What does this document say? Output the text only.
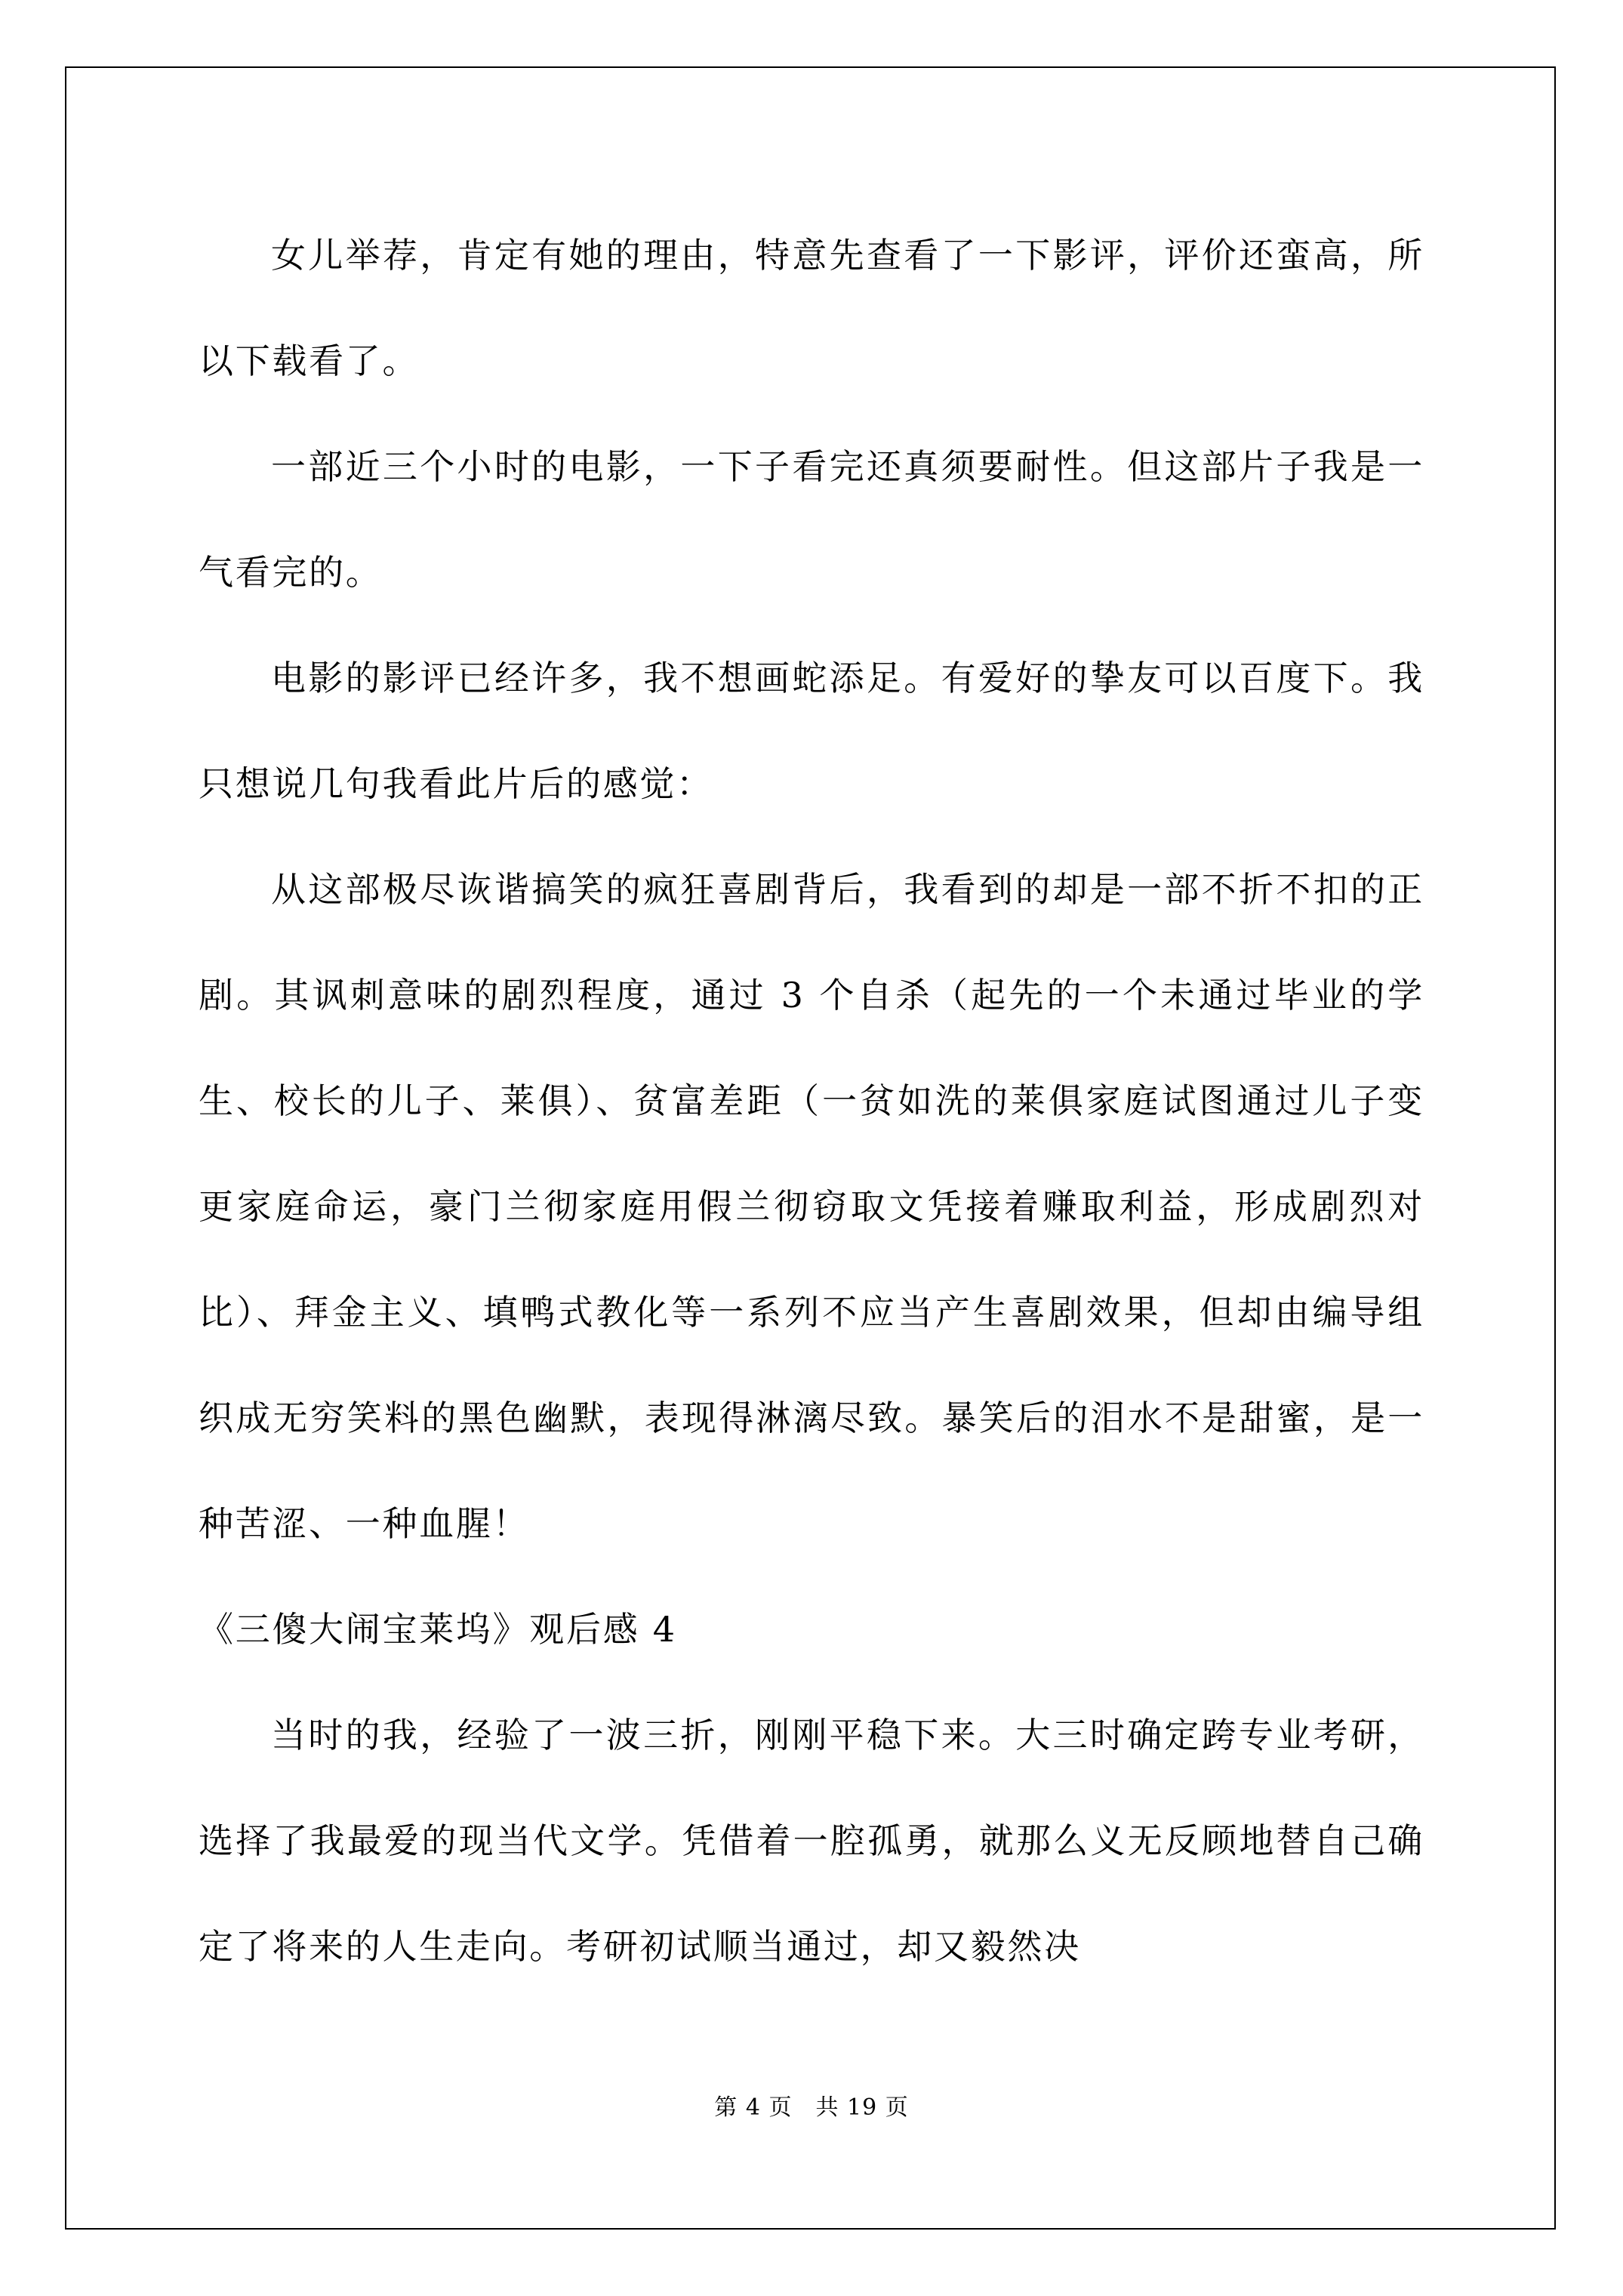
女儿举荐，肯定有她的理由，特意先查看了一下影评，评价还蛮高，所以下载看了。

一部近三个小时的电影，一下子看完还真须要耐性。但这部片子我是一气看完的。

电影的影评已经许多，我不想画蛇添足。有爱好的挚友可以百度下。我只想说几句我看此片后的感觉：

从这部极尽诙谐搞笑的疯狂喜剧背后，我看到的却是一部不折不扣的正剧。其讽刺意味的剧烈程度，通过 3 个自杀（起先的一个未通过毕业的学生、校长的儿子、莱俱）、贫富差距（一贫如洗的莱俱家庭试图通过儿子变更家庭命运，豪门兰彻家庭用假兰彻窃取文凭接着赚取利益，形成剧烈对比）、拜金主义、填鸭式教化等一系列不应当产生喜剧效果，但却由编导组织成无穷笑料的黑色幽默，表现得淋漓尽致。暴笑后的泪水不是甜蜜，是一种苦涩、一种血腥！

《三傻大闹宝莱坞》观后感 4

当时的我，经验了一波三折，刚刚平稳下来。大三时确定跨专业考研，选择了我最爱的现当代文学。凭借着一腔孤勇，就那么义无反顾地替自己确定了将来的人生走向。考研初试顺当通过，却又毅然决

第 4 页　共 19 页
